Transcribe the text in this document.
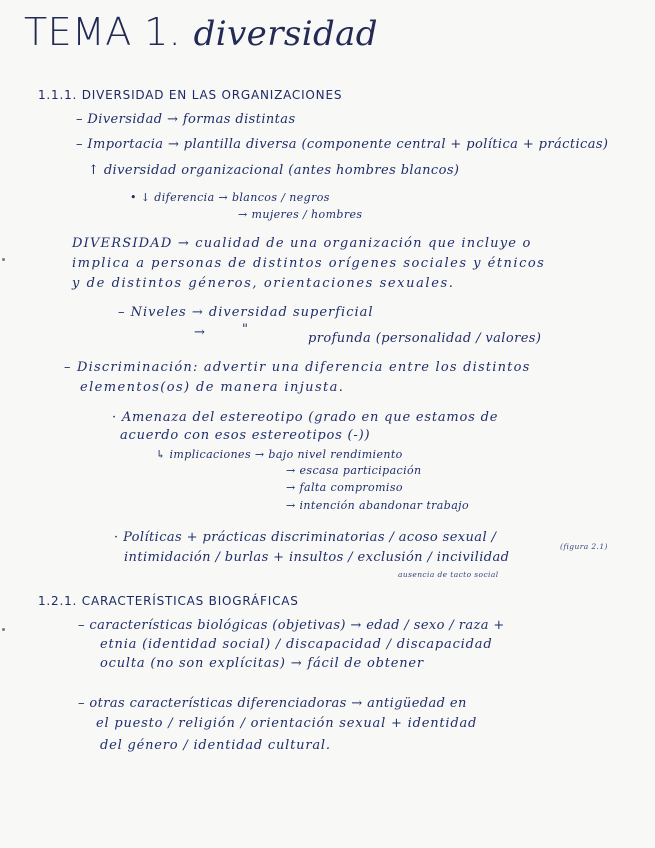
TEMA 1. diversidad
1.1.1. DIVERSIDAD EN LAS ORGANIZACIONES
– Diversidad → formas distintas
– Importacia → plantilla diversa (componente central + política + prácticas)
↑ diversidad organizacional (antes hombres blancos)
• ↓ diferencia → blancos / negros
→ mujeres / hombres
DIVERSIDAD → cualidad de una organización que incluye o
implica a personas de distintos orígenes sociales y étnicos
y de distintos géneros, orientaciones sexuales.
– Niveles → diversidad superficial
→	"
profunda (personalidad / valores)
– Discriminación: advertir una diferencia entre los distintos
elementos(os) de manera injusta.
· Amenaza del estereotipo (grado en que estamos de
acuerdo con esos estereotipos (-))
↳ implicaciones → bajo nivel rendimiento
→ escasa participación
→ falta compromiso
→ intención abandonar trabajo
· Políticas + prácticas discriminatorias / acoso sexual /
intimidación / burlas + insultos / exclusión / incivilidad
(figura 2.1)
ausencia de tacto social
1.2.1. CARACTERÍSTICAS BIOGRÁFICAS
– características biológicas (objetivas) → edad / sexo / raza +
etnia (identidad social) / discapacidad / discapacidad
oculta (no son explícitas) → fácil de obtener
– otras características diferenciadoras → antigüedad en
el puesto / religión / orientación sexual + identidad
del género / identidad cultural.
